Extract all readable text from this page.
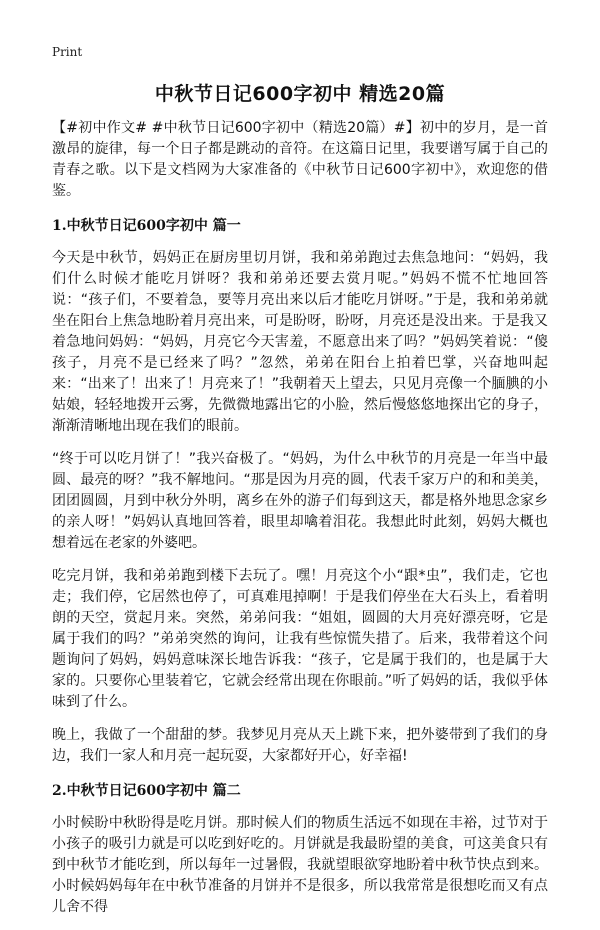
Print
中秋节日记600字初中 精选20篇

【#初中作文# #中秋节日记600字初中（精选20篇）#】初中的岁月，是一首激昂的旋律，每一个日子都是跳动的音符。在这篇日记里，我要谱写属于自己的青春之歌。以下是文档网为大家准备的《中秋节日记600字初中》，欢迎您的借鉴。

1.中秋节日记600字初中 篇一

今天是中秋节，妈妈正在厨房里切月饼，我和弟弟跑过去焦急地问：“妈妈，我们什么时候才能吃月饼呀？我和弟弟还要去赏月呢。”妈妈不慌不忙地回答说：“孩子们，不要着急，要等月亮出来以后才能吃月饼呀。”于是，我和弟弟就坐在阳台上焦急地盼着月亮出来，可是盼呀，盼呀，月亮还是没出来。于是我又着急地问妈妈：“妈妈，月亮它今天害羞，不愿意出来了吗？”妈妈笑着说：“傻孩子，月亮不是已经来了吗？”忽然，弟弟在阳台上拍着巴掌，兴奋地叫起来：“出来了！出来了！月亮来了！”我朝着天上望去，只见月亮像一个腼腆的小姑娘，轻轻地拨开云雾，先微微地露出它的小脸，然后慢悠悠地探出它的身子，渐渐清晰地出现在我们的眼前。

“终于可以吃月饼了！”我兴奋极了。“妈妈，为什么中秋节的月亮是一年当中最圆、最亮的呀？”我不解地问。“那是因为月亮的圆，代表千家万户的和和美美，团团圆圆，月到中秋分外明，离乡在外的游子们每到这天，都是格外地思念家乡的亲人呀！”妈妈认真地回答着，眼里却噙着泪花。我想此时此刻，妈妈大概也想着远在老家的外婆吧。

吃完月饼，我和弟弟跑到楼下去玩了。嘿！月亮这个小“跟*虫”，我们走，它也走；我们停，它居然也停了，可真难甩掉啊！于是我们停坐在大石头上，看着明朗的天空，赏起月来。突然，弟弟问我：“姐姐，圆圆的大月亮好漂亮呀，它是属于我们的吗？”弟弟突然的询问，让我有些惊慌失措了。后来，我带着这个问题询问了妈妈，妈妈意味深长地告诉我：“孩子，它是属于我们的，也是属于大家的。只要你心里装着它，它就会经常出现在你眼前。”听了妈妈的话，我似乎体味到了什么。

晚上，我做了一个甜甜的梦。我梦见月亮从天上跳下来，把外婆带到了我们的身边，我们一家人和月亮一起玩耍，大家都好开心，好幸福!

2.中秋节日记600字初中 篇二

小时候盼中秋盼得是吃月饼。那时候人们的物质生活远不如现在丰裕，过节对于小孩子的吸引力就是可以吃到好吃的。月饼就是我最盼望的美食，可这美食只有到中秋节才能吃到，所以每年一过暑假，我就望眼欲穿地盼着中秋节快点到来。小时候妈妈每年在中秋节准备的月饼并不是很多，所以我常常是很想吃而又有点儿舍不得
